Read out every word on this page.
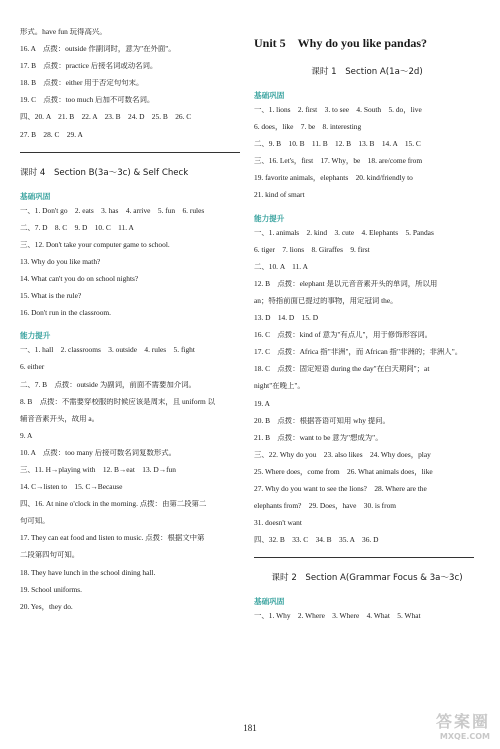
形式。have fun 玩得高兴。
16. A　点拨：outside 作副词时，意为"在外面"。
17. B　点拨：practice 后接名词或动名词。
18. B　点拨：either 用于否定句句末。
19. C　点拨：too much 后加不可数名词。
四、20. A　21. B　22. A　23. B　24. D　25. B　26. C
27. B　28. C　29. A
课时 4　Section B(3a～3c) & Self Check
基础巩固
一、1. Don't go　2. eats　3. has　4. arrive　5. fun　6. rules
二、7. D　8. C　9. D　10. C　11. A
三、12. Don't take your computer game to school.
13. Why do you like math?
14. What can't you do on school nights?
15. What is the rule?
16. Don't run in the classroom.
能力提升
一、1. hall　2. classrooms　3. outside　4. rules　5. fight
6. either
二、7. B　点拨：outside 为副词，前面不需要加介词。
8. B　点拨：不需要穿校服的时候应该是周末，且 uniform 以
辅音音素开头，故用 a。
9. A
10. A　点拨：too many 后接可数名词复数形式。
三、11. H→playing with　12. B→eat　13. D→fun
14. C→listen to　15. C→Because
四、16. At nine o'clock in the morning. 点拨：由第二段第二
句可知。
17. They can eat food and listen to music. 点拨：根据文中第
二段第四句可知。
18. They have lunch in the school dining hall.
19. School uniforms.
20. Yes，they do.
Unit 5　Why do you like pandas?
课时 1　Section A(1a～2d)
基础巩固
一、1. lions　2. first　3. to see　4. South　5. do，live
6. does，like　7. be　8. interesting
二、9. B　10. B　11. B　12. B　13. B　14. A　15. C
三、16. Let's，first　17. Why，be　18. are/come from
19. favorite animals，elephants　20. kind/friendly to
21. kind of smart
能力提升
一、1. animals　2. kind　3. cute　4. Elephants　5. Pandas
6. tiger　7. lions　8. Giraffes　9. first
二、10. A　11. A
12. B　点拨：elephant 是以元音音素开头的单词，所以用
an；特指前面已提过的事物，用定冠词 the。
13. D　14. D　15. D
16. C　点拨：kind of 意为"有点儿"，用于修饰形容词。
17. C　点拨：Africa 指"非洲"，而 African 指"非洲的；非洲人"。
18. C　点拨：固定短语 during the day"在白天期间"；at
night"在晚上"。
19. A
20. B　点拨：根据答语可知用 why 提问。
21. B　点拨：want to be 意为"想成为"。
三、22. Why do you　23. also likes　24. Why does，play
25. Where does，come from　26. What animals does，like
27. Why do you want to see the lions?　28. Where are the
elephants from?　29. Does，have　30. is from
31. doesn't want
四、32. B　33. C　34. B　35. A　36. D
课时 2　Section A(Grammar Focus & 3a～3c)
基础巩固
一、1. Why　2. Where　3. Where　4. What　5. What
181	答案圈
MXQE.COM
